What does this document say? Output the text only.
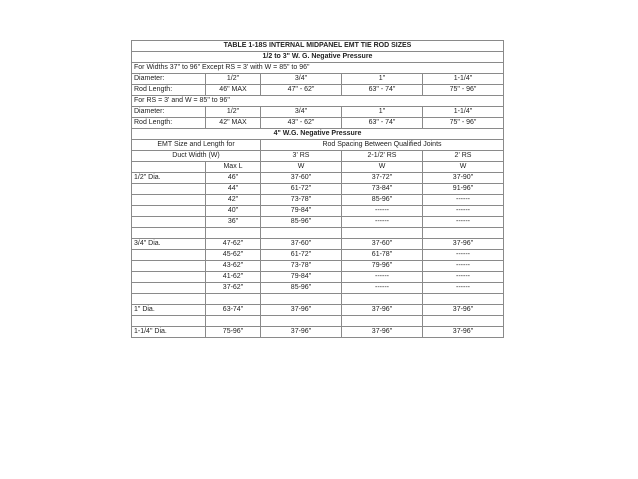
TABLE 1-18S INTERNAL MIDPANEL EMT TIE ROD SIZES				
1/2 to 3" W. G. Negative Pressure				
For Widths 37" to 96" Except RS = 3' with W = 85" to 96"				
Diameter:	1/2"	3/4"	1"	1-1/4"
Rod Length:	46" MAX	47" - 62"	63" - 74"	75" - 96"
For RS = 3' and W = 85" to 96"				
Diameter:	1/2"	3/4"	1"	1-1/4"
Rod Length:	42" MAX	43" - 62"	63" - 74"	75" - 96"
4" W.G. Negative Pressure				
EMT Size and Length for		Rod Spacing Between Qualified Joints		
Duct Width (W)		3' RS	2-1/2' RS	2' RS
	Max L	W	W	W
1/2" Dia.	46"	37-60"	37-72"	37-90"
	44"	61-72"	73-84"	91-96"
	42"	73-78"	85-96"	------
	40"	79-84"	------	------
	36"	85-96"	------	------

3/4" Dia.	47-62"	37-60"	37-60"	37-96"
	45-62"	61-72"	61-78"	------
	43-62"	73-78"	79-96"	------
	41-62"	79-84"	------	------
	37-62"	85-96"	------	------

1" Dia.	63-74"	37-96"	37-96"	37-96"

1-1/4" Dia.	75-96"	37-96"	37-96"	37-96"
